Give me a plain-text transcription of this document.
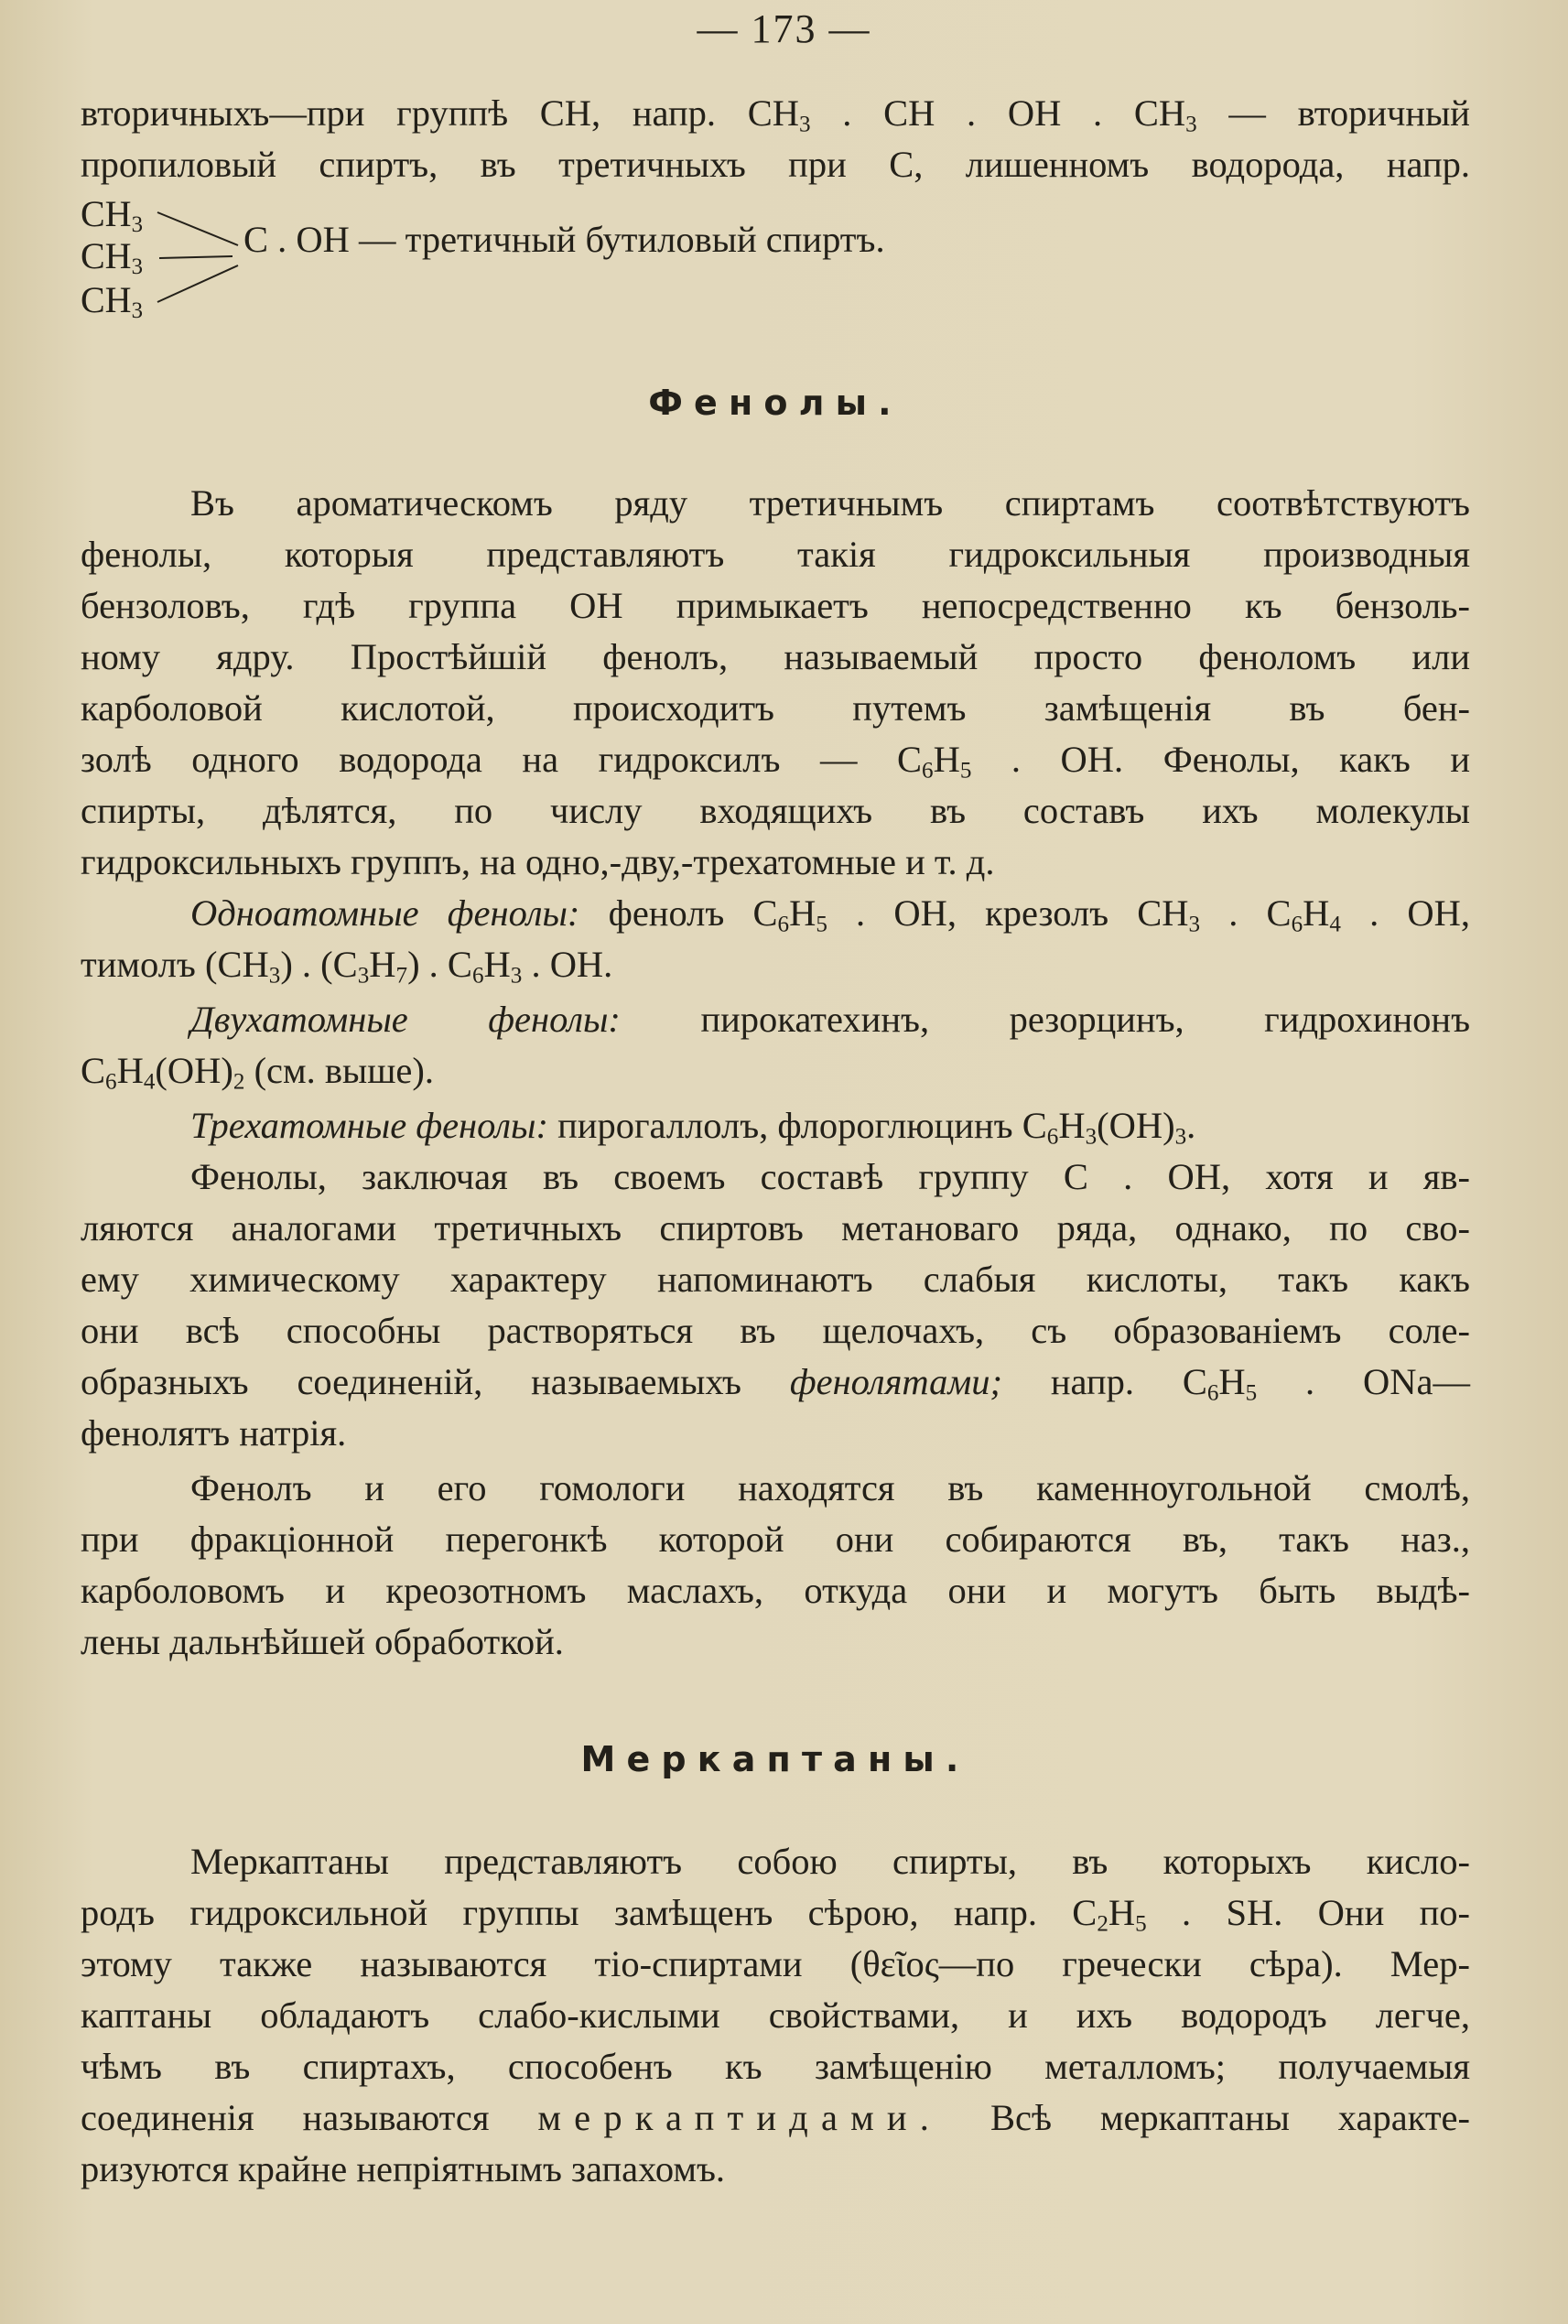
— 173 —
вторичныхъ—при группѣ CH, напр. $CH_3$ . CH . OH . $CH_3$ — вторичный
пропиловый спиртъ, въ третичныхъ при C, лишенномъ водорода, напр.
$CH_3$
$CH_3$
$CH_3$
C . OH — третичный бутиловый спиртъ.
Фенолы.
Въ ароматическомъ ряду третичнымъ спиртамъ соотвѣтствуютъ
фенолы, которыя представляютъ такія гидроксильныя производныя
бензоловъ, гдѣ группа OH примыкаетъ непосредственно къ бензоль-
ному ядру. Простѣйшій фенолъ, называемый просто феноломъ или
карболовой кислотой, происходитъ путемъ замѣщенія въ бен-
золѣ одного водорода на гидроксилъ — $C_6H_5$ . OH. Фенолы, какъ и
спирты, дѣлятся, по числу входящихъ въ составъ ихъ молекулы
гидроксильныхъ группъ, на одно,-дву,-трехатомные и т. д.
Одноатомные фенолы: фенолъ $C_6H_5$ . OH, крезолъ $CH_3$ . $C_6H_4$ . OH,
тимолъ $(CH_3)$ . $(C_3H_7)$ . $C_6H_3$ . OH.
Двухатомные фенолы: пирокатехинъ, резорцинъ, гидрохинонъ
$C_6H_4(OH)_2$ (см. выше).
Трехатомные фенолы: пирогаллолъ, флороглюцинъ $C_6H_3(OH)_3$.
Фенолы, заключая въ своемъ составѣ группу C . OH, хотя и яв-
ляются аналогами третичныхъ спиртовъ метановаго ряда, однако, по сво-
ему химическому характеру напоминаютъ слабыя кислоты, такъ какъ
они всѣ способны растворяться въ щелочахъ, съ образованіемъ соле-
образныхъ соединеній, называемыхъ фенолятами; напр. $C_6H_5$ . ONa—
фенолятъ натрія.
Фенолъ и его гомологи находятся въ каменноугольной смолѣ,
при фракціонной перегонкѣ которой они собираются въ, такъ наз.,
карболовомъ и креозотномъ маслахъ, откуда они и могутъ быть выдѣ-
лены дальнѣйшей обработкой.
Меркаптаны.
Меркаптаны представляютъ собою спирты, въ которыхъ кисло-
родъ гидроксильной группы замѣщенъ сѣрою, напр. $C_2H_5$ . SH. Они по-
этому также называются тіо-спиртами (θεῖος—по гречески сѣра). Мер-
каптаны обладаютъ слабо-кислыми свойствами, и ихъ водородъ легче,
чѣмъ въ спиртахъ, способенъ къ замѣщенію металломъ; получаемыя
соединенія называются меркаптидами. Всѣ меркаптаны характе-
ризуются крайне непріятнымъ запахомъ.
